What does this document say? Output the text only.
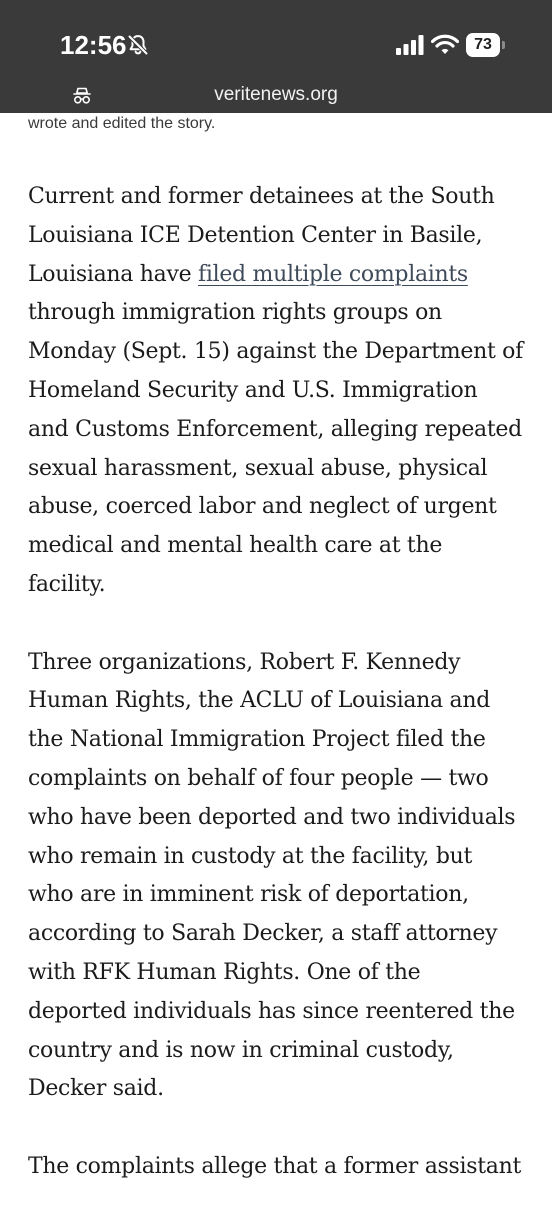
12:56	73
veritenews.org
wrote and edited the story.

Current and former detainees at the South
Louisiana ICE Detention Center in Basile,
Louisiana have filed multiple complaints
through immigration rights groups on
Monday (Sept. 15) against the Department of
Homeland Security and U.S. Immigration
and Customs Enforcement, alleging repeated
sexual harassment, sexual abuse, physical
abuse, coerced labor and neglect of urgent
medical and mental health care at the
facility.

Three organizations, Robert F. Kennedy
Human Rights, the ACLU of Louisiana and
the National Immigration Project filed the
complaints on behalf of four people — two
who have been deported and two individuals
who remain in custody at the facility, but
who are in imminent risk of deportation,
according to Sarah Decker, a staff attorney
with RFK Human Rights. One of the
deported individuals has since reentered the
country and is now in criminal custody,
Decker said.

The complaints allege that a former assistant
